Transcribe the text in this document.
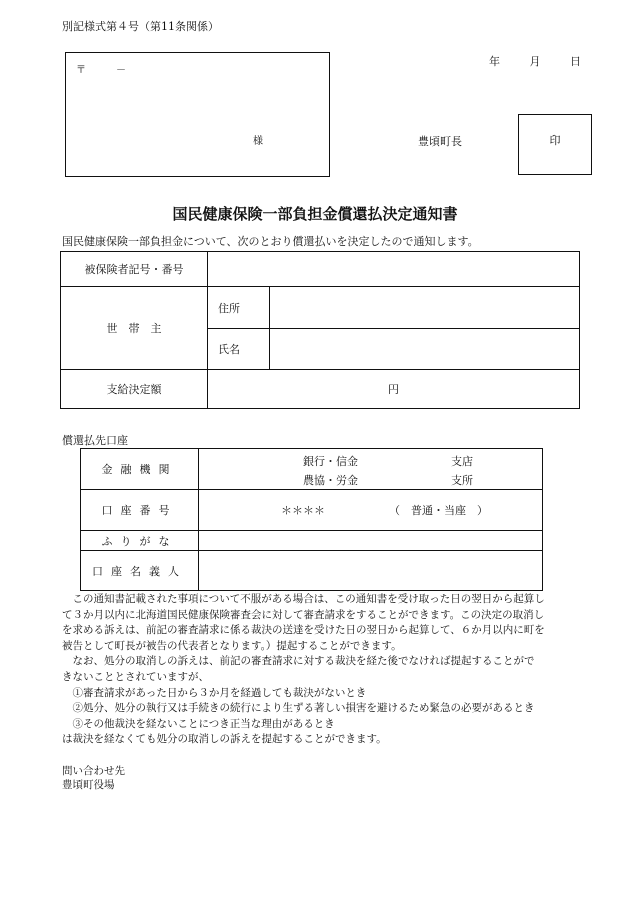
別記様式第４号（第11条関係）
年	月	日
〒	－
様	豊頃町長	印
国民健康保険一部負担金償還払決定通知書
国民健康保険一部負担金について、次のとおり償還払いを決定したので通知します。
被保険者記号・番号		
世　帯　主	住所	
	氏名	
支給決定額	円	
償還払先口座
金融機関	銀行・信金 支店
農協・労金 支所

口座番号	＊＊＊＊ （　普通・当座　）

ふりがな	
口座名義人	

　この通知書記載された事項について不服がある場合は、この通知書を受け取った日の翌日から起算し

て３か月以内に北海道国民健康保険審査会に対して審査請求をすることができます。この決定の取消し

を求める訴えは、前記の審査請求に係る裁決の送達を受けた日の翌日から起算して、６か月以内に町を

被告として町長が被告の代表者となります。）提起することができます。

　なお、処分の取消しの訴えは、前記の審査請求に対する裁決を経た後でなければ提起することがで

きないこととされていますが、

　①審査請求があった日から３か月を経過しても裁決がないとき

　②処分、処分の執行又は手続きの続行により生ずる著しい損害を避けるため緊急の必要があるとき

　③その他裁決を経ないことにつき正当な理由があるとき

は裁決を経なくても処分の取消しの訴えを提起することができます。

問い合わせ先

豊頃町役場
